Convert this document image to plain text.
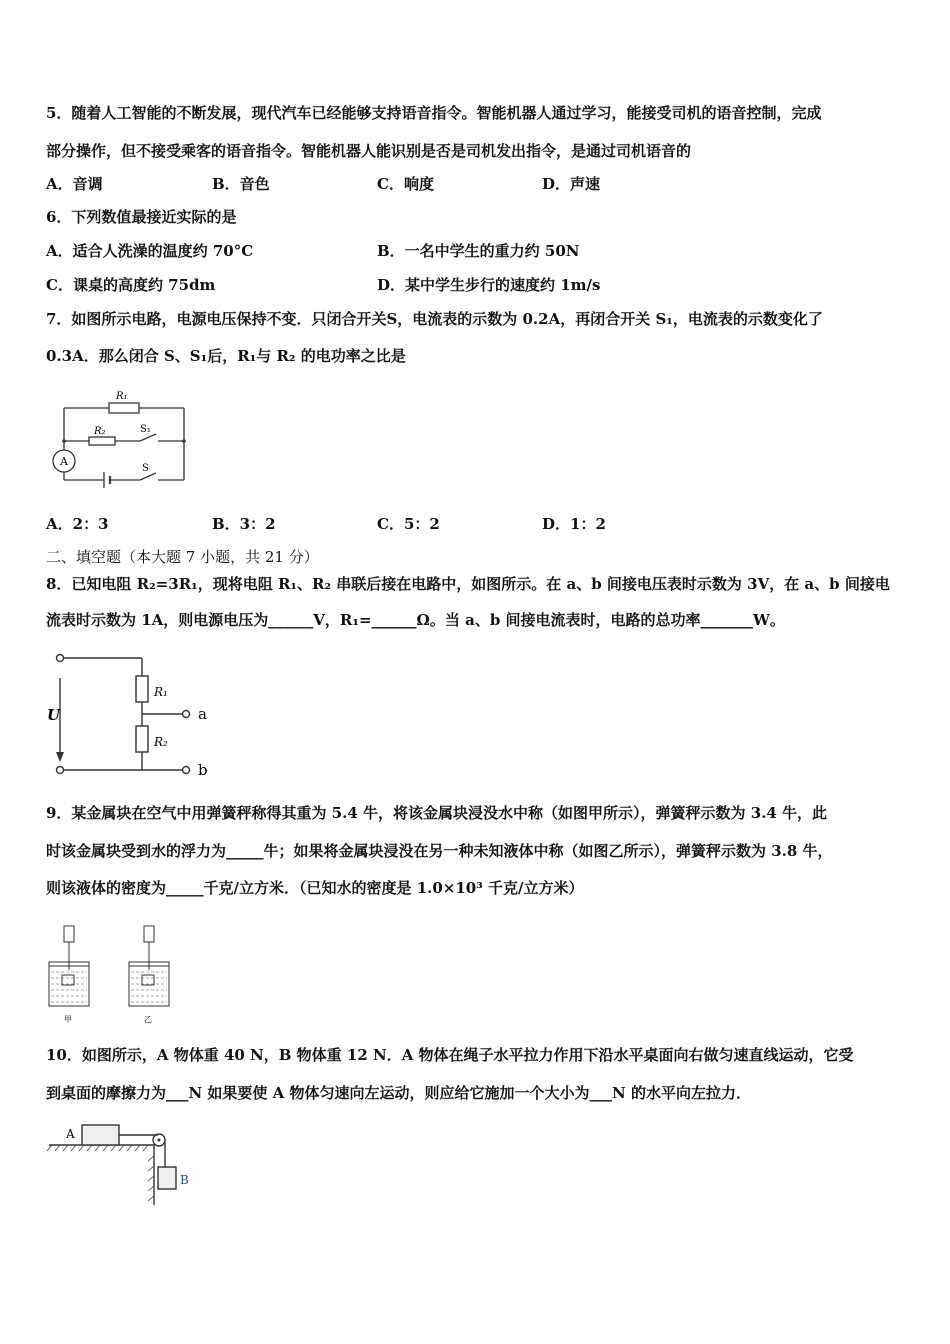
5．随着人工智能的不断发展，现代汽车已经能够支持语音指令。智能机器人通过学习，能接受司机的语音控制，完成
部分操作，但不接受乘客的语音指令。智能机器人能识别是否是司机发出指令，是通过司机语音的
A．音调	B．音色	C．响度	D．声速
6．下列数值最接近实际的是
A．适合人洗澡的温度约 70°C	B．一名中学生的重力约 50N
C．课桌的高度约 75dm	D．某中学生步行的速度约 1m/s
7．如图所示电路，电源电压保持不变．只闭合开关S，电流表的示数为 0.2A，再闭合开关 S₁，电流表的示数变化了
0.3A．那么闭合 S、S₁后，R₁与 R₂ 的电功率之比是
R₁
R₂	S₁
S
A
A．2：3	B．3：2	C．5：2	D．1：2
二、填空题（本大题 7 小题，共 21 分）
8．已知电阻 R₂=3R₁，现将电阻 R₁、R₂ 串联后接在电路中，如图所示。在 a、b 间接电压表时示数为 3V，在 a、b 间接电
流表时示数为 1A，则电源电压为______V，R₁=______Ω。当 a、b 间接电流表时，电路的总功率_______W。
U
R₁
R₂
a
b
9．某金属块在空气中用弹簧秤称得其重为 5.4 牛，将该金属块浸没水中称（如图甲所示），弹簧秤示数为 3.4 牛，此
时该金属块受到水的浮力为_____牛；如果将金属块浸没在另一种未知液体中称（如图乙所示），弹簧秤示数为 3.8 牛，
则该液体的密度为_____千克/立方米．（已知水的密度是 1.0×10³ 千克/立方米）
甲	乙
10．如图所示，A 物体重 40 N，B 物体重 12 N．A 物体在绳子水平拉力作用下沿水平桌面向右做匀速直线运动，它受
到桌面的摩擦力为___N 如果要使 A 物体匀速向左运动，则应给它施加一个大小为___N 的水平向左拉力．
A
B
